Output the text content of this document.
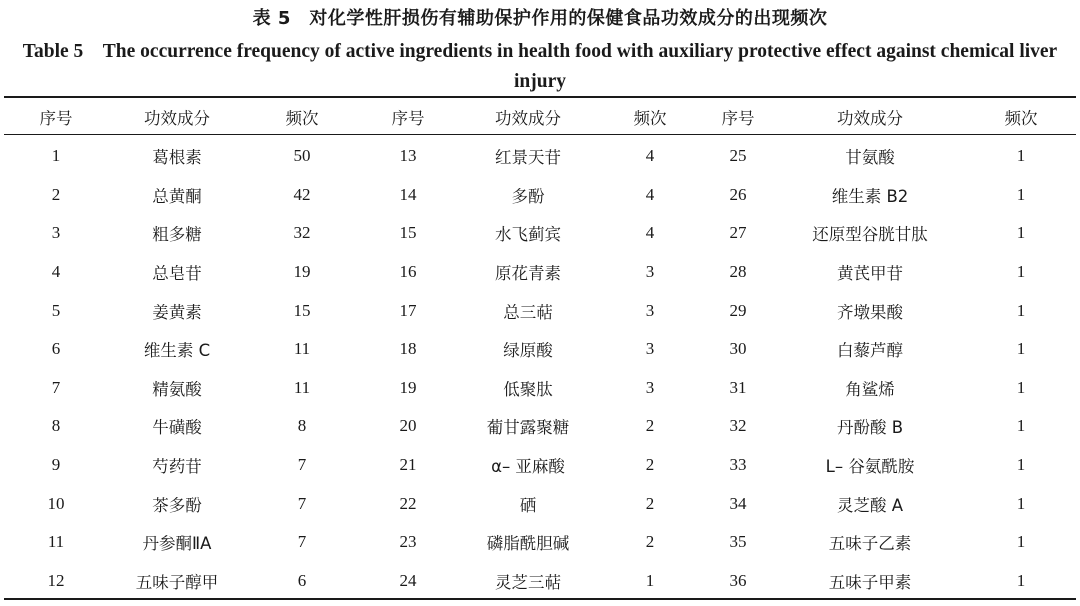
表 5　对化学性肝损伤有辅助保护作用的保健食品功效成分的出现频次
Table 5　The occurrence frequency of active ingredients in health food with auxiliary protective effect against chemical liver injury
序号	功效成分	频次	序号	功效成分	频次	序号	功效成分	频次
1	葛根素	50	13	红景天苷	4	25	甘氨酸	1
2	总黄酮	42	14	多酚	4	26	维生素 B2	1
3	粗多糖	32	15	水飞蓟宾	4	27	还原型谷胱甘肽	1
4	总皂苷	19	16	原花青素	3	28	黄芪甲苷	1
5	姜黄素	15	17	总三萜	3	29	齐墩果酸	1
6	维生素 C	11	18	绿原酸	3	30	白藜芦醇	1
7	精氨酸	11	19	低聚肽	3	31	角鲨烯	1
8	牛磺酸	8	20	葡甘露聚糖	2	32	丹酚酸 B	1
9	芍药苷	7	21	α– 亚麻酸	2	33	L– 谷氨酰胺	1
10	茶多酚	7	22	硒	2	34	灵芝酸 A	1
11	丹参酮ⅡA	7	23	磷脂酰胆碱	2	35	五味子乙素	1
12	五味子醇甲	6	24	灵芝三萜	1	36	五味子甲素	1
